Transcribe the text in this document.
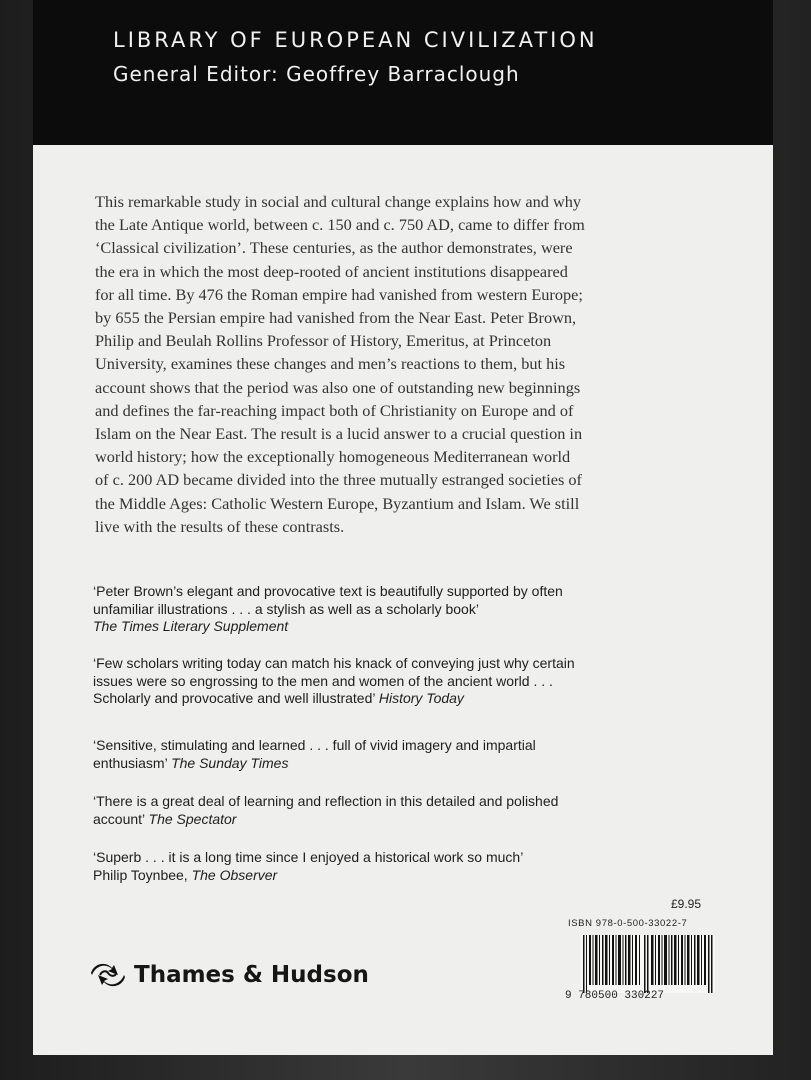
LIBRARY OF EUROPEAN CIVILIZATION
General Editor: Geoffrey Barraclough

This remarkable study in social and cultural change explains how and why

the Late Antique world, between c. 150 and c. 750 AD, came to differ from

‘Classical civilization’. These centuries, as the author demonstrates, were

the era in which the most deep-rooted of ancient institutions disappeared

for all time. By 476 the Roman empire had vanished from western Europe;

by 655 the Persian empire had vanished from the Near East. Peter Brown,

Philip and Beulah Rollins Professor of History, Emeritus, at Princeton

University, examines these changes and men’s reactions to them, but his

account shows that the period was also one of outstanding new beginnings

and defines the far-reaching impact both of Christianity on Europe and of

Islam on the Near East. The result is a lucid answer to a crucial question in

world history; how the exceptionally homogeneous Mediterranean world

of c. 200 AD became divided into the three mutually estranged societies of

the Middle Ages: Catholic Western Europe, Byzantium and Islam. We still

live with the results of these contrasts.

‘Peter Brown’s elegant and provocative text is beautifully supported by often
unfamiliar illustrations . . . a stylish as well as a scholarly book’
The Times Literary Supplement
‘Few scholars writing today can match his knack of conveying just why certain
issues were so engrossing to the men and women of the ancient world . . .
Scholarly and provocative and well illustrated’ History Today
‘Sensitive, stimulating and learned . . . full of vivid imagery and impartial
enthusiasm’ The Sunday Times
‘There is a great deal of learning and reflection in this detailed and polished
account’ The Spectator
‘Superb . . . it is a long time since I enjoyed a historical work so much’
Philip Toynbee, The Observer
£9.95
ISBN 978-0-500-33022-7
9 780500 330227
Thames & Hudson
